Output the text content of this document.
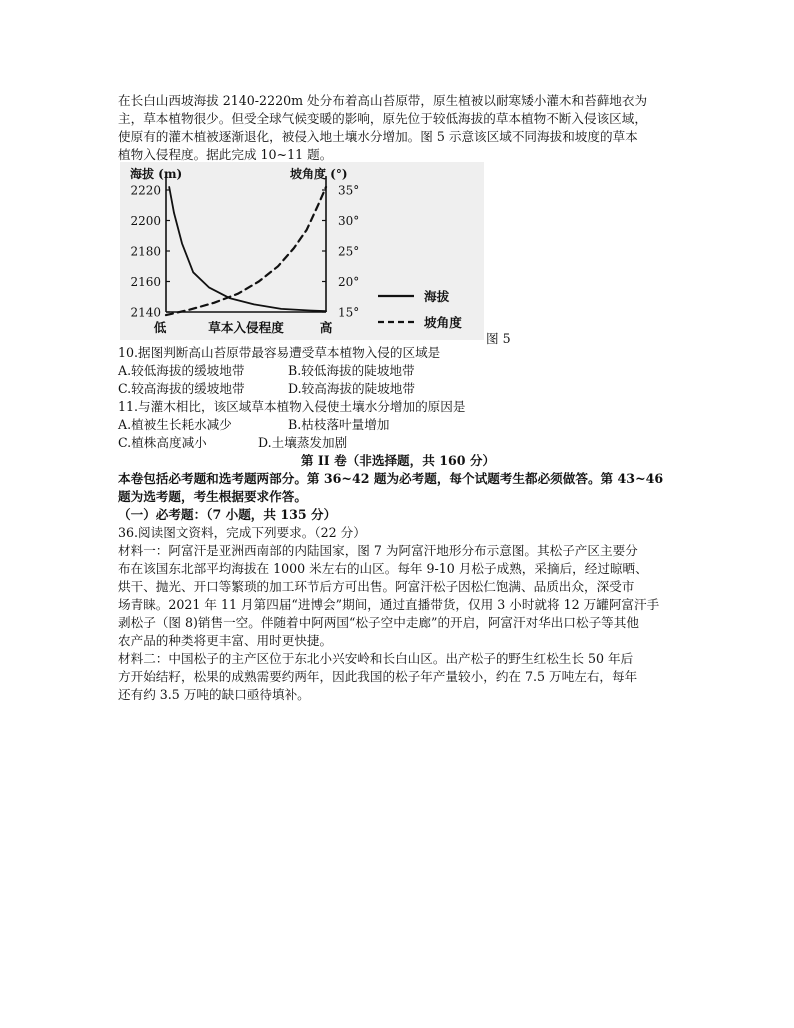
在长白山西坡海拔 2140-2220m 处分布着高山苔原带，原生植被以耐寒矮小灌木和苔藓地衣为
主，草本植物很少。但受全球气候变暖的影响，原先位于较低海拔的草本植物不断入侵该区域，
使原有的灌木植被逐渐退化，被侵入地土壤水分增加。图 5 示意该区域不同海拔和坡度的草本
植物入侵程度。据此完成 10~11 题。
2220
2200
2180
2160
2140
35°
30°
25°
20°
15°
海拔 (m)	坡角度 (°)
低	高
草本入侵程度
海拔
坡角度
图 5
10.据图判断高山苔原带最容易遭受草本植物入侵的区域是
A.较低海拔的缓坡地带	B.较低海拔的陡坡地带
C.较高海拔的缓坡地带	D.较高海拔的陡坡地带
11.与灌木相比，该区域草本植物入侵使土壤水分增加的原因是
A.植被生长耗水减少	B.枯枝落叶量增加
C.植株高度减小	D.土壤蒸发加剧
第 II 卷（非选择题，共 160 分）
本卷包括必考题和选考题两部分。第 36~42 题为必考题，每个试题考生都必须做答。第 43~46
题为选考题，考生根据要求作答。
（一）必考题：（7 小题，共 135 分）
36.阅读图文资料，完成下列要求。（22 分）
材料一：阿富汗是亚洲西南部的内陆国家，图 7 为阿富汗地形分布示意图。其松子产区主要分
布在该国东北部平均海拔在 1000 米左右的山区。每年 9-10 月松子成熟，采摘后，经过晾晒、
烘干、抛光、开口等繁琐的加工环节后方可出售。阿富汗松子因松仁饱满、品质出众，深受市
场青睐。2021 年 11 月第四届“进博会”期间，通过直播带货，仅用 3 小时就将 12 万罐阿富汗手
剥松子（图 8)销售一空。伴随着中阿两国“松子空中走廊”的开启，阿富汗对华出口松子等其他
农产品的种类将更丰富、用时更快捷。
材料二：中国松子的主产区位于东北小兴安岭和长白山区。出产松子的野生红松生长 50 年后
方开始结籽，松果的成熟需要约两年，因此我国的松子年产量较小，约在 7.5 万吨左右，每年
还有约 3.5 万吨的缺口亟待填补。
